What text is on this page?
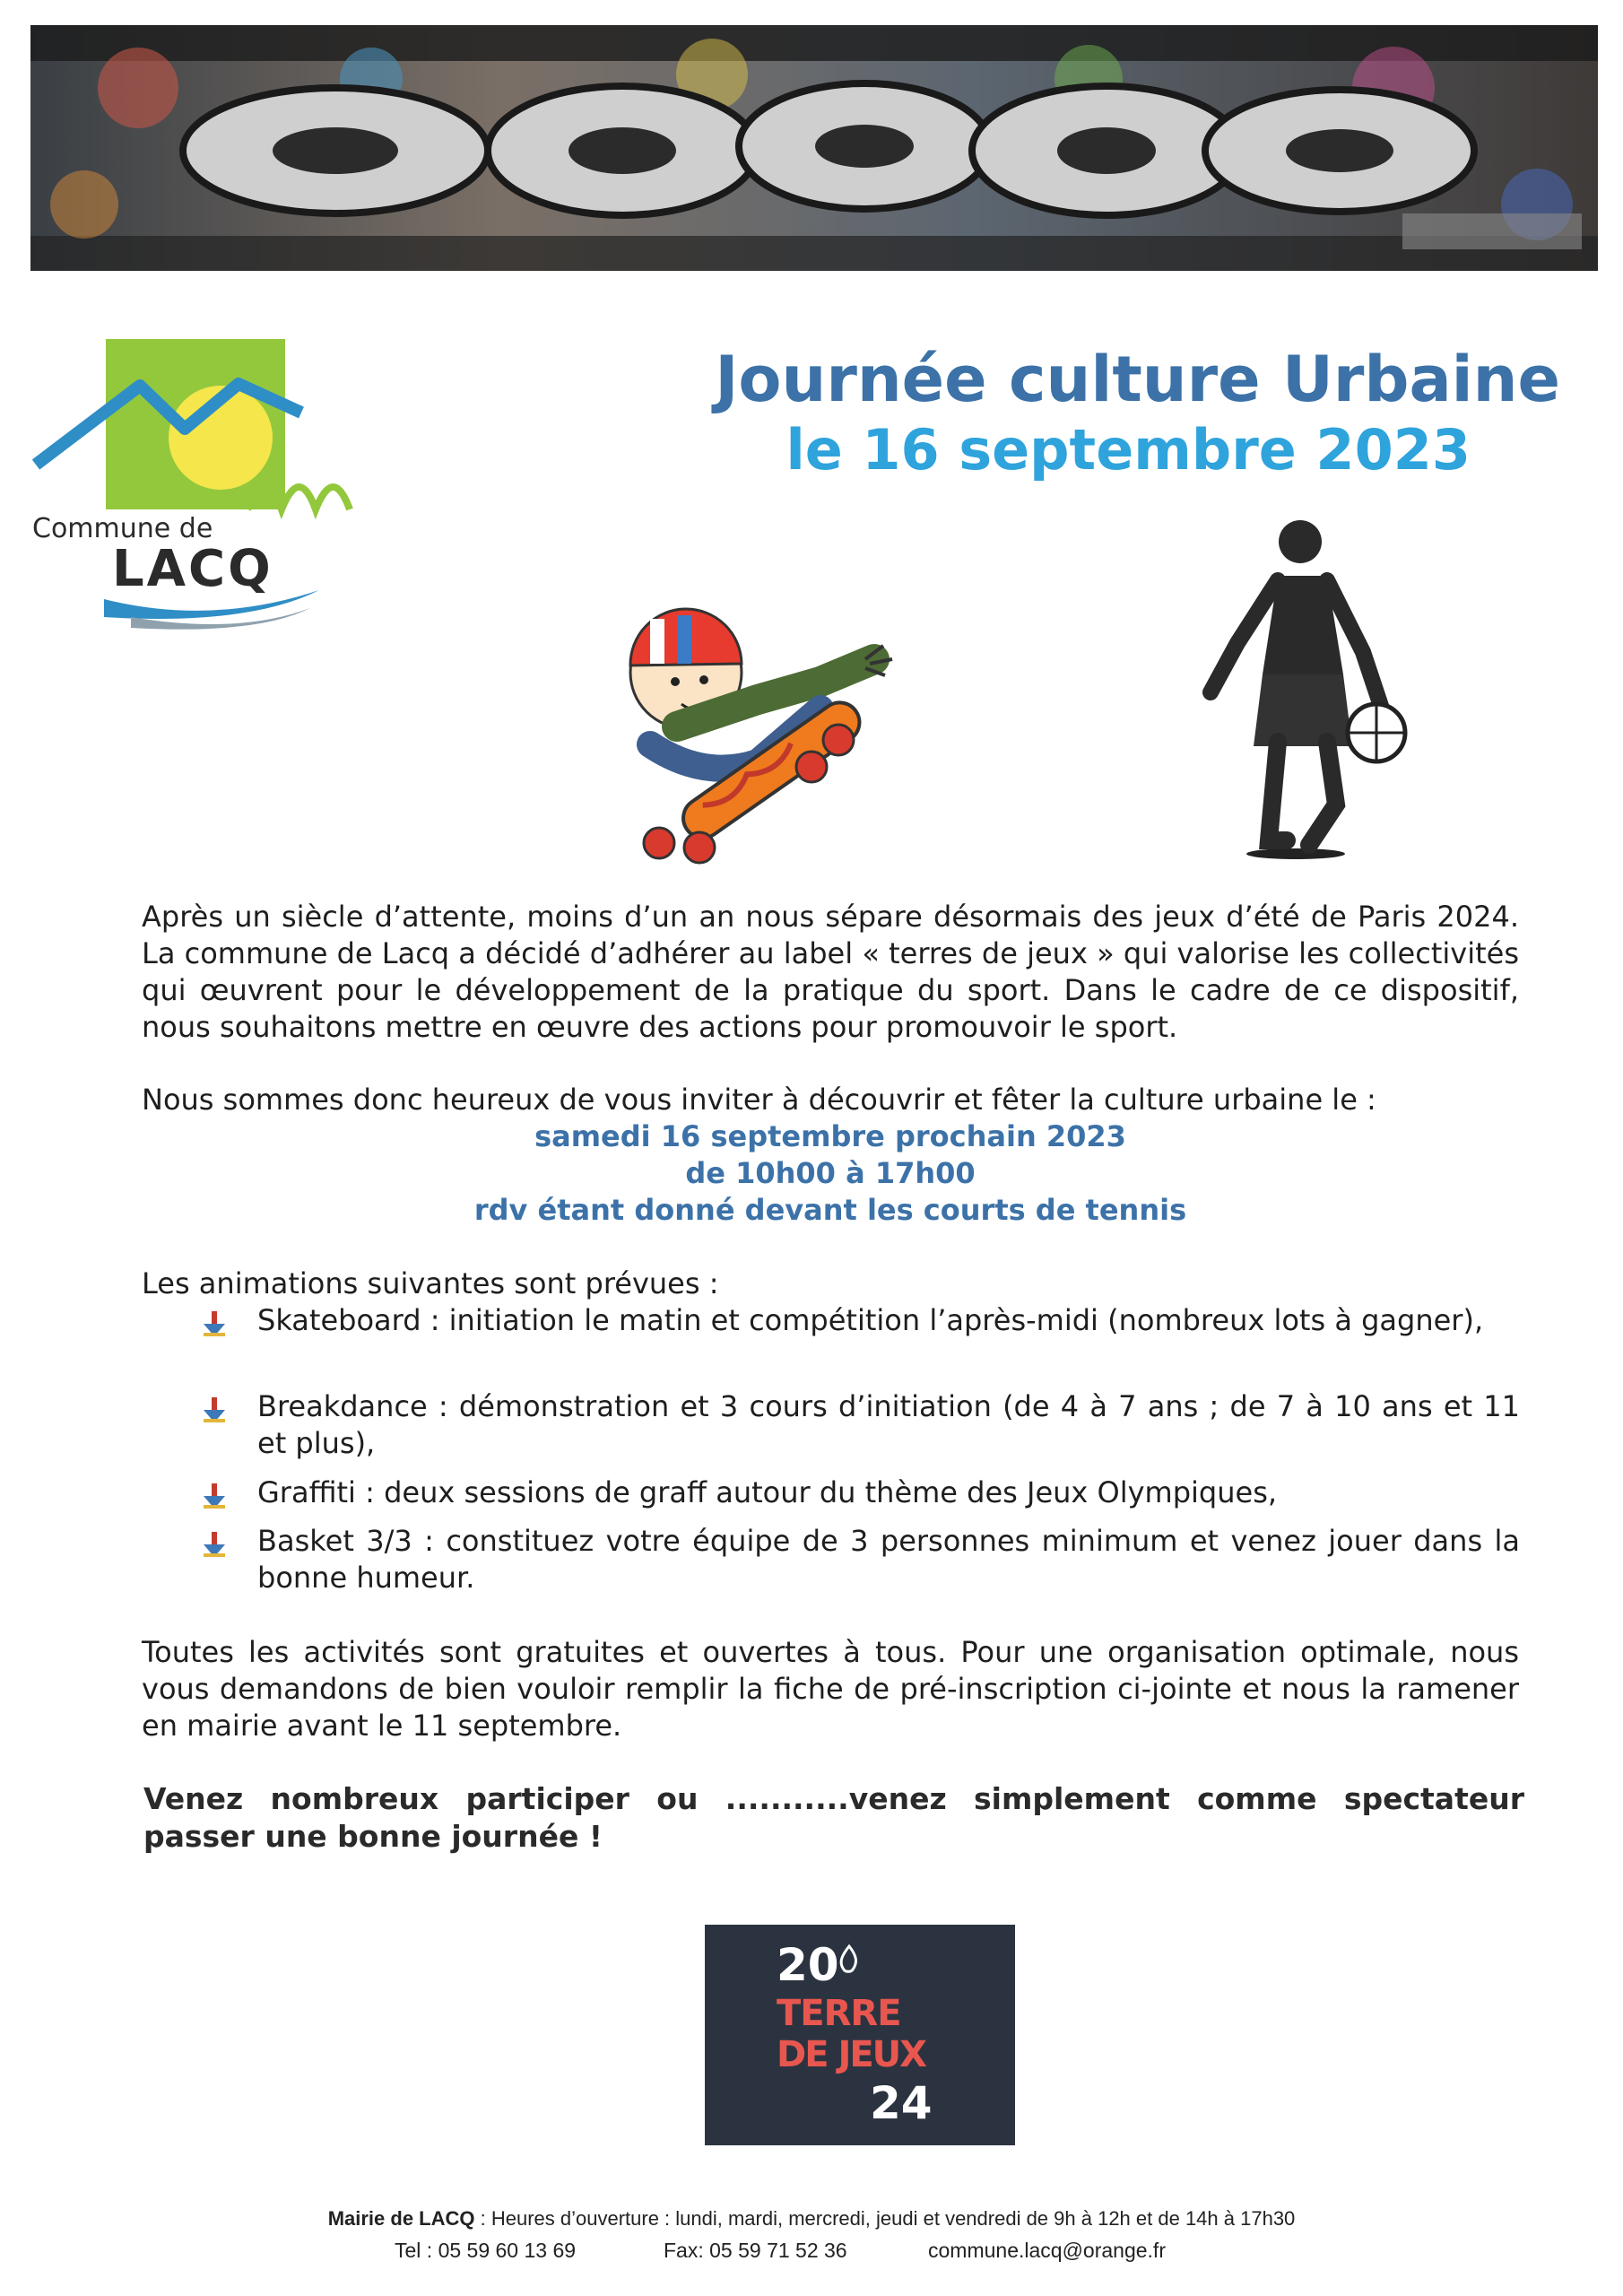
Commune de
LACQ
Journée culture Urbaine
le 16 septembre 2023
Après un siècle d’attente, moins d’un an nous sépare désormais des jeux d’été de Paris 2024. La commune de Lacq a décidé d’adhérer au label « terres de jeux » qui valorise les collectivités qui œuvrent pour le développement de la pratique du sport. Dans le cadre de ce dispositif, nous souhaitons mettre en œuvre des actions pour promouvoir le sport.
Nous sommes donc heureux de vous inviter à découvrir et fêter la culture urbaine le :
samedi 16 septembre prochain 2023
de 10h00 à 17h00
rdv étant donné devant les courts de tennis
Les animations suivantes sont prévues :
Skateboard : initiation le matin et compétition l’après-midi (nombreux lots à gagner),
Breakdance : démonstration et 3 cours d’initiation (de 4 à 7 ans ; de 7 à 10 ans et 11 et plus),
Graffiti : deux sessions de graff autour du thème des Jeux Olympiques,
Basket 3/3 : constituez votre équipe de 3 personnes minimum et venez jouer dans la bonne humeur.
Toutes les activités sont gratuites et ouvertes à tous. Pour une organisation optimale, nous vous demandons de bien vouloir remplir la fiche de pré-inscription ci-jointe et nous la ramener en mairie avant le 11 septembre.
Venez nombreux participer ou ...........venez simplement comme spectateur passer une bonne journée !
20
TERRE
DE JEUX
24
Mairie de LACQ : Heures d’ouverture : lundi, mardi, mercredi, jeudi et vendredi de 9h à 12h et de 14h à 17h30
Tel : 05 59 60 13 69	Fax: 05 59 71 52 36	commune.lacq@orange.fr
